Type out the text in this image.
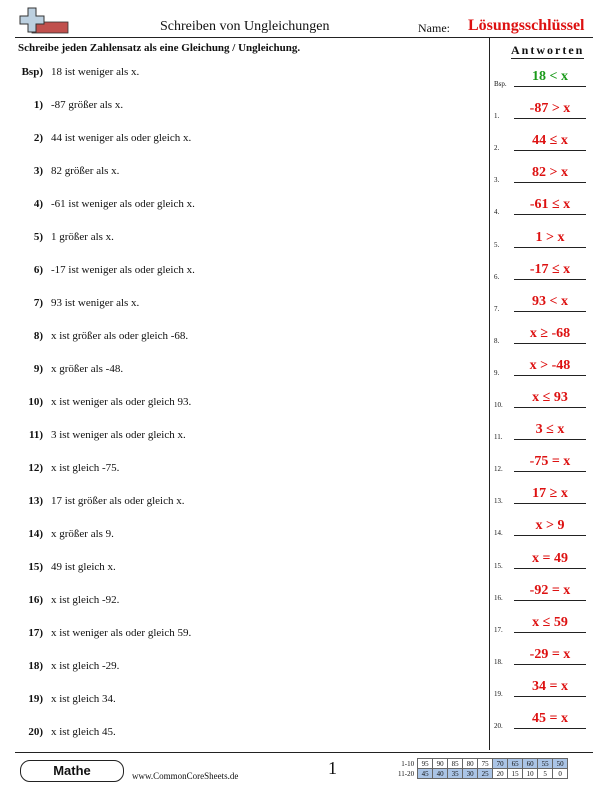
Schreiben von Ungleichungen	Name: Lösungsschlüssel
Schreibe jeden Zahlensatz als eine Gleichung / Ungleichung.	Antworten
Bsp) 18 ist weniger als x.
1) -87 größer als x.
2) 44 ist weniger als oder gleich x.
3) 82 größer als x.
4) -61 ist weniger als oder gleich x.
5) 1 größer als x.
6) -17 ist weniger als oder gleich x.
7) 93 ist weniger als x.
8) x ist größer als oder gleich -68.
9) x größer als -48.
10) x ist weniger als oder gleich 93.
11) 3 ist weniger als oder gleich x.
12) x ist gleich -75.
13) 17 ist größer als oder gleich x.
14) x größer als 9.
15) 49 ist gleich x.
16) x ist gleich -92.
17) x ist weniger als oder gleich 59.
18) x ist gleich -29.
19) x ist gleich 34.
20) x ist gleich 45.
Bsp.	18 < x
1.	-87 > x
2.	44 ≤ x
3.	82 > x
4.	-61 ≤ x
5.	1 > x
6.	-17 ≤ x
7.	93 < x
8.	x ≥ -68
9.	x > -48
10.	x ≤ 93
11.	3 ≤ x
12.	-75 = x
13.	17 ≥ x
14.	x > 9
15.	x = 49
16.	-92 = x
17.	x ≤ 59
18.	-29 = x
19.	34 = x
20.	45 = x
Mathe	www.CommonCoreSheets.de	1	1-10	95	90	85	80	75	70	65	60	55	50
11-20	45	40	35	30	25	20	15	10	5	0
